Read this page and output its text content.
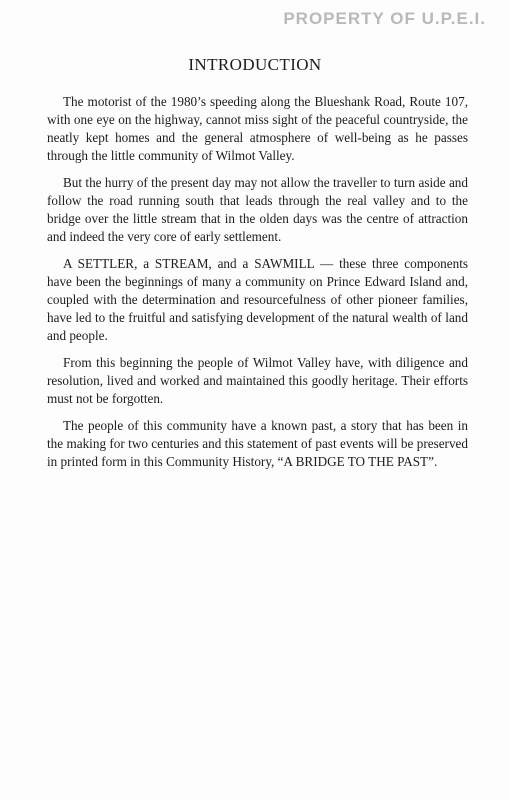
PROPERTY OF U.P.E.I.
INTRODUCTION

The motorist of the 1980’s speeding along the Blueshank Road, Route 107, with one eye on the highway, cannot miss sight of the peaceful countryside, the neatly kept homes and the general atmosphere of well-being as he passes through the little community of Wilmot Valley.

But the hurry of the present day may not allow the traveller to turn aside and follow the road running south that leads through the real valley and to the bridge over the little stream that in the olden days was the centre of attraction and indeed the very core of early settlement.

A SETTLER, a STREAM, and a SAWMILL — these three components have been the beginnings of many a community on Prince Edward Island and, coupled with the determination and resourcefulness of other pioneer families, have led to the fruitful and satisfying development of the natural wealth of land and people.

From this beginning the people of Wilmot Valley have, with diligence and resolution, lived and worked and maintained this goodly heritage. Their efforts must not be forgotten.

The people of this community have a known past, a story that has been in the making for two centuries and this statement of past events will be preserved in printed form in this Community History, “A BRIDGE TO THE PAST”.
